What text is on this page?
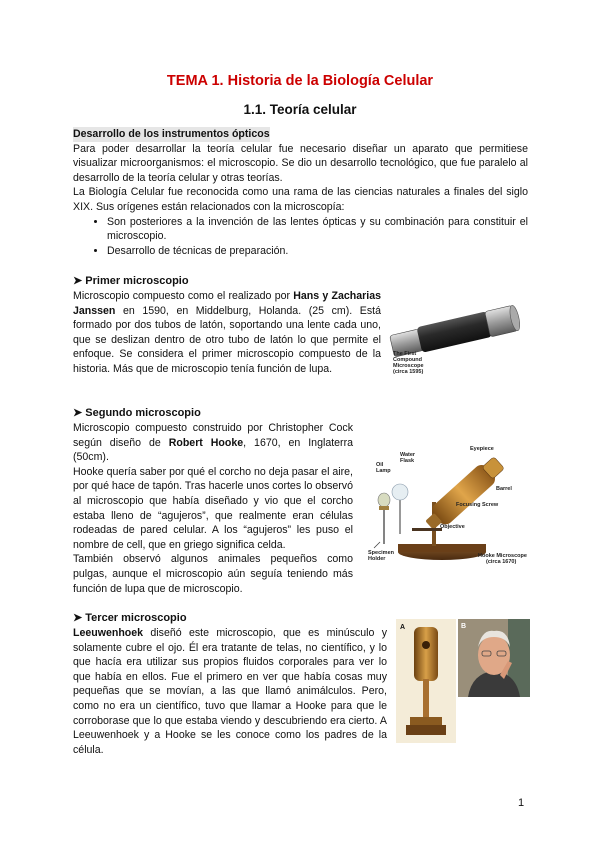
TEMA 1. Historia de la Biología Celular
1.1. Teoría celular

Desarrollo de los instrumentos ópticos

Para poder desarrollar la teoría celular fue necesario diseñar un aparato que permitiese visualizar microorganismos: el microscopio. Se dio un desarrollo tecnológico, que fue paralelo al desarrollo de la teoría celular y otras teorías.

La Biología Celular fue reconocida como una rama de las ciencias naturales a finales del siglo XIX. Sus orígenes están relacionados con la microscopía:

• Son posteriores a la invención de las lentes ópticas y su combinación para constituir el microscopio.
• Desarrollo de técnicas de preparación.
➤ Primer microscopio

Microscopio compuesto como el realizado por Hans y Zacharias Janssen en 1590, en Middelburg, Holanda. (25 cm). Está formado por dos tubos de latón, soportando una lente cada uno, que se deslizan dentro de otro tubo de latón lo que permite el enfoque. Se considera el primer microscopio compuesto de la historia. Más que de microscopio tenía función de lupa.

The First
Compound
Microscope
(circa 1595)
➤ Segundo microscopio

Microscopio compuesto construido por Christopher Cock según diseño de Robert Hooke, 1670, en Inglaterra (50cm).

Hooke quería saber por qué el corcho no deja pasar el aire, por qué hace de tapón. Tras hacerle unos cortes lo observó al microscopio que había diseñado y vio que el corcho estaba lleno de “agujeros”, que realmente eran células rodeadas de pared celular. A los “agujeros” les puso el nombre de cell, que en griego significa celda.

También observó algunos animales pequeños como pulgas, aunque el microscopio aún seguía teniendo más función de lupa que de microscopio.

Oil
Lamp
Water
Flask
Eyepiece
Barrel
Focusing Screw
Objective
Specimen
Holder	Hooke Microscope
(circa 1670)
➤ Tercer microscopio

Leeuwenhoek diseñó este microscopio, que es minúsculo y solamente cubre el ojo. Él era tratante de telas, no científico, y lo que hacía era utilizar sus propios fluidos corporales para ver lo que había en ellos. Fue el primero en ver que había cosas muy pequeñas que se movían, a las que llamó animálculos. Pero, como no era un científico, tuvo que llamar a Hooke para que le corroborase que lo que estaba viendo y descubriendo era cierto. A Leeuwenhoek y a Hooke se les conoce como los padres de la célula.

A	B
1
